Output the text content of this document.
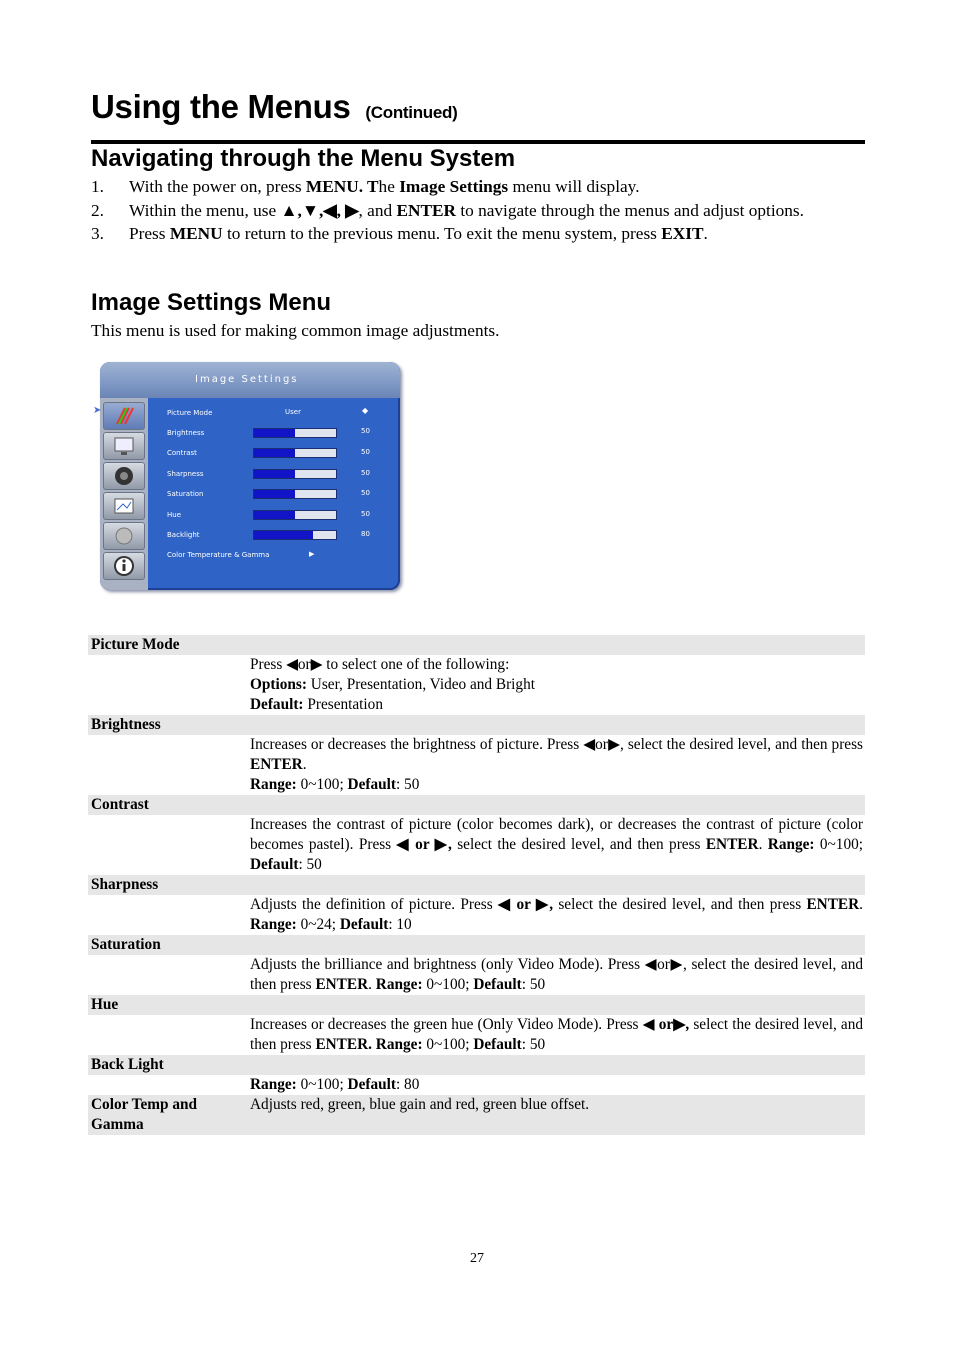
Using the Menus (Continued)
Navigating through the Menu System
1. With the power on, press MENU. The Image Settings menu will display.
2. Within the menu, use ▲,▼,◀, ▶, and ENTER to navigate through the menus and adjust options.
3. Press MENU to return to the previous menu. To exit the menu system, press EXIT.
Image Settings Menu

This menu is used for making common image adjustments.

Image Settings
Picture Mode	User	◆
Brightness	50
Contrast	50
Sharpness	50
Saturation	50
Hue	50
Backlight	80
Color Temperature & Gamma	▶
➤
Picture Mode	
	Press ◀or▶ to select one of the following:
Options: User, Presentation, Video and Bright
Default: Presentation
Brightness	
	Increases or decreases the brightness of picture. Press ◀or▶, select the desired level, and then press ENTER.
Range: 0~100; Default: 50
Contrast	
	Increases the contrast of picture (color becomes dark), or decreases the contrast of picture (color becomes pastel). Press ◀ or ▶, select the desired level, and then press ENTER. Range: 0~100; Default: 50
Sharpness	
	Adjusts the definition of picture. Press ◀ or ▶, select the desired level, and then press ENTER. Range: 0~24; Default: 10
Saturation	
	Adjusts the brilliance and brightness (only Video Mode). Press ◀or▶, select the desired level, and then press ENTER. Range: 0~100; Default: 50
Hue	
	Increases or decreases the green hue (Only Video Mode). Press ◀ or▶, select the desired level, and then press ENTER. Range: 0~100; Default: 50
Back Light	
	Range: 0~100; Default: 80
Color Temp and Gamma	Adjusts red, green, blue gain and red, green blue offset.
27
